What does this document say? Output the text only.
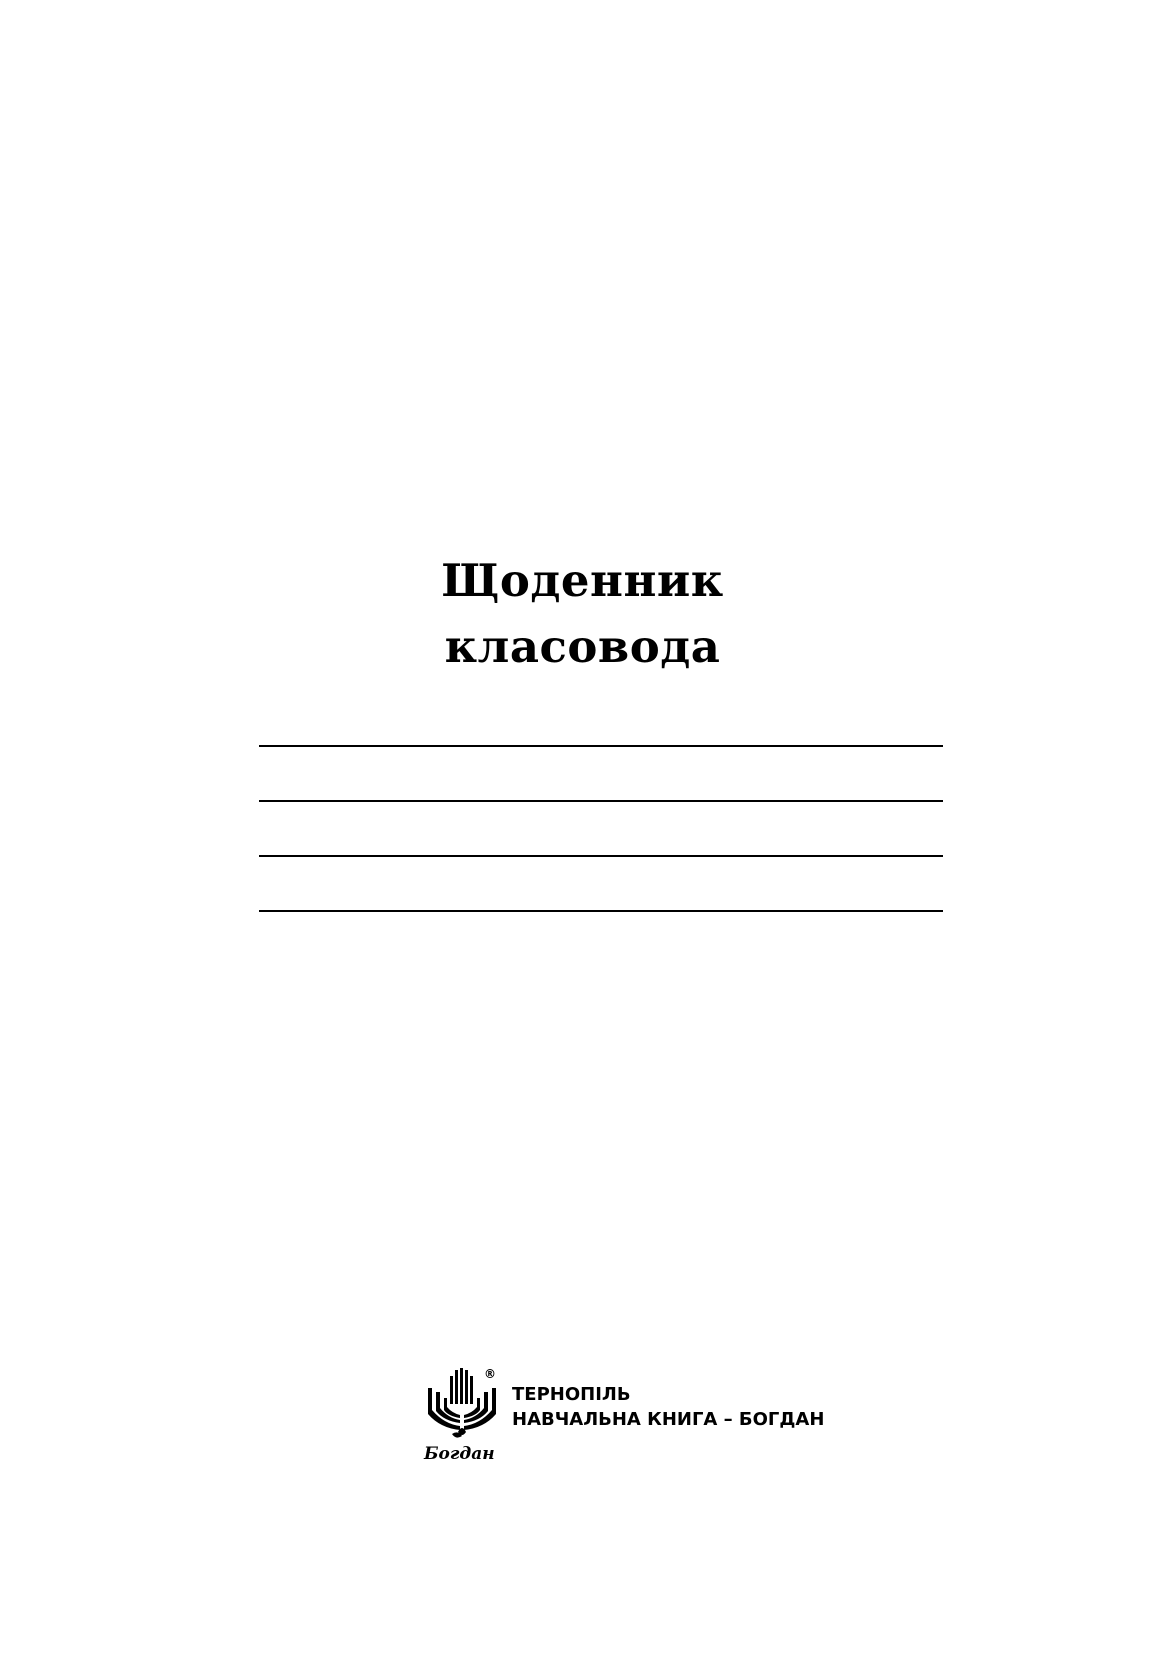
Щоденник
класовода
Богдан
®
ТЕРНОПІЛЬ
НАВЧАЛЬНА КНИГА – БОГДАН
